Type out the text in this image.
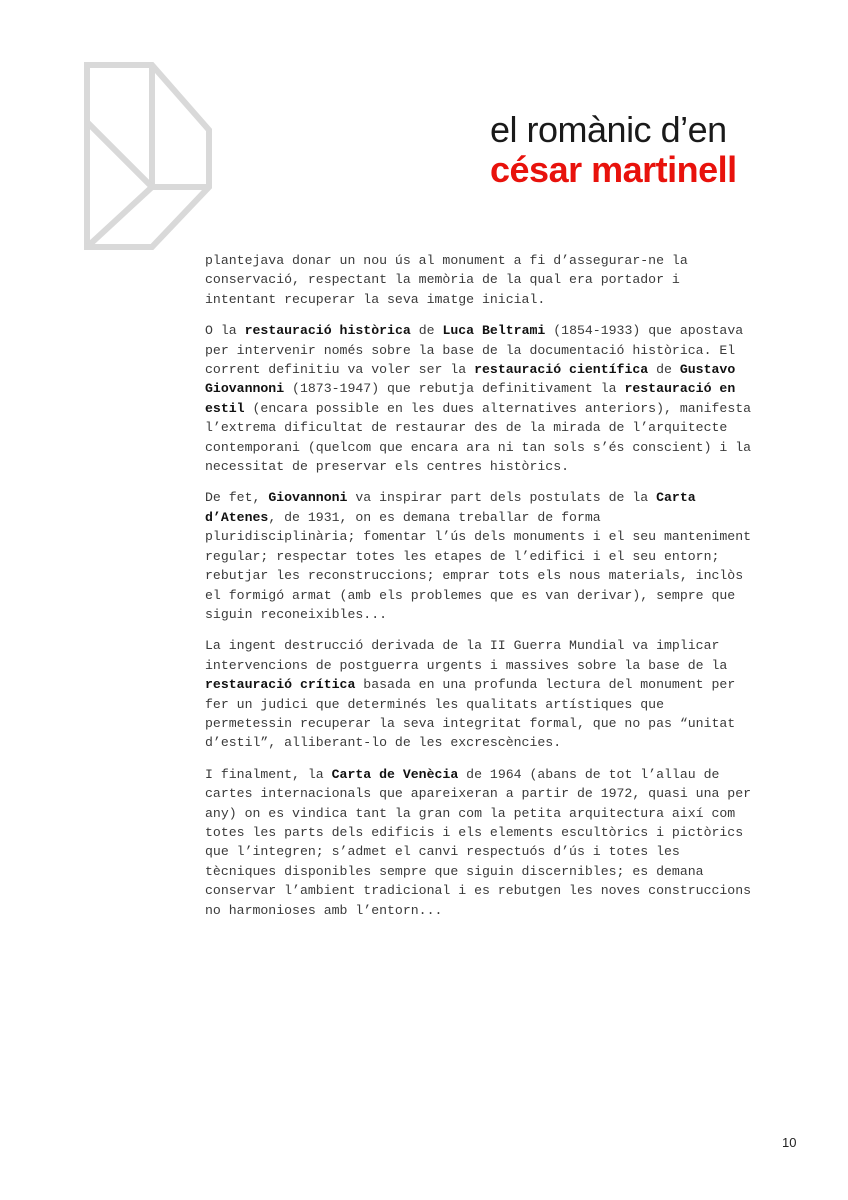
el romànic d’en
césar martinell

plantejava donar un nou ús al monument a fi d’assegurar-ne la
conservació, respectant la memòria de la qual era portador i
intentant recuperar la seva imatge inicial.

O la restauració històrica de Luca Beltrami (1854-1933) que apostava
per intervenir només sobre la base de la documentació històrica. El
corrent definitiu va voler ser la restauració científica de Gustavo
Giovannoni (1873-1947) que rebutja definitivament la restauració en
estil (encara possible en les dues alternatives anteriors), manifesta
l’extrema dificultat de restaurar des de la mirada de l’arquitecte
contemporani (quelcom que encara ara ni tan sols s’és conscient) i la
necessitat de preservar els centres històrics.

De fet, Giovannoni va inspirar part dels postulats de la Carta
d’Atenes, de 1931, on es demana treballar de forma
pluridisciplinària; fomentar l’ús dels monuments i el seu manteniment
regular; respectar totes les etapes de l’edifici i el seu entorn;
rebutjar les reconstruccions; emprar tots els nous materials, inclòs
el formigó armat (amb els problemes que es van derivar), sempre que
siguin reconeixibles...

La ingent destrucció derivada de la II Guerra Mundial va implicar
intervencions de postguerra urgents i massives sobre la base de la
restauració crítica basada en una profunda lectura del monument per
fer un judici que determinés les qualitats artístiques que
permetessin recuperar la seva integritat formal, que no pas “unitat
d’estil”, alliberant-lo de les excrescències.

I finalment, la Carta de Venècia de 1964 (abans de tot l’allau de
cartes internacionals que apareixeran a partir de 1972, quasi una per
any) on es vindica tant la gran com la petita arquitectura així com
totes les parts dels edificis i els elements escultòrics i pictòrics
que l’integren; s’admet el canvi respectuós d’ús i totes les
tècniques disponibles sempre que siguin discernibles; es demana
conservar l’ambient tradicional i es rebutgen les noves construccions
no harmonioses amb l’entorn...

10
